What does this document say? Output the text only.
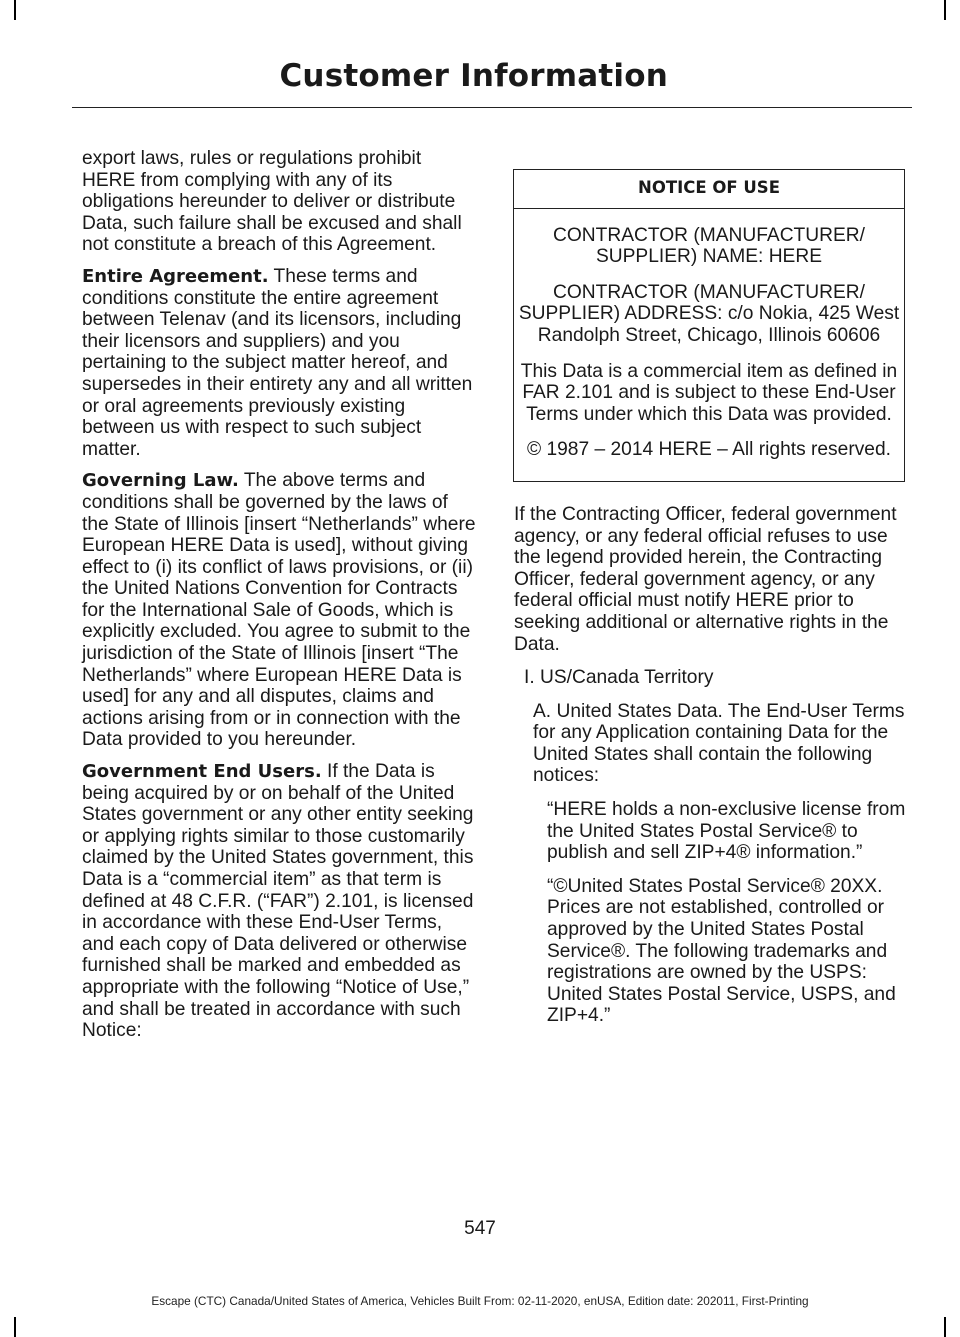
Customer Information

export laws, rules or regulations prohibit HERE from complying with any of its obligations hereunder to deliver or distribute Data, such failure shall be excused and shall not constitute a breach of this Agreement.

Entire Agreement. These terms and conditions constitute the entire agreement between Telenav (and its licensors, including their licensors and suppliers) and you pertaining to the subject matter hereof, and supersedes in their entirety any and all written or oral agreements previously existing between us with respect to such subject matter.

Governing Law. The above terms and conditions shall be governed by the laws of the State of Illinois [insert “Netherlands” where European HERE Data is used], without giving effect to (i) its conflict of laws provisions, or (ii) the United Nations Convention for Contracts for the International Sale of Goods, which is explicitly excluded. You agree to submit to the jurisdiction of the State of Illinois [insert “The Netherlands” where European HERE Data is used] for any and all disputes, claims and actions arising from or in connection with the Data provided to you hereunder.

Government End Users. If the Data is being acquired by or on behalf of the United States government or any other entity seeking or applying rights similar to those customarily claimed by the United States government, this Data is a “commercial item” as that term is defined at 48 C.F.R. (“FAR”) 2.101, is licensed in accordance with these End-User Terms, and each copy of Data delivered or otherwise furnished shall be marked and embedded as appropriate with the following “Notice of Use,” and shall be treated in accordance with such Notice:

NOTICE OF USE

CONTRACTOR (MANUFACTURER/ SUPPLIER) NAME: HERE

CONTRACTOR (MANUFACTURER/ SUPPLIER) ADDRESS: c/o Nokia, 425 West Randolph Street, Chicago, Illinois 60606

This Data is a commercial item as defined in FAR 2.101 and is subject to these End-User Terms under which this Data was provided.

© 1987 – 2014 HERE – All rights reserved.

If the Contracting Officer, federal government agency, or any federal official refuses to use the legend provided herein, the Contracting Officer, federal government agency, or any federal official must notify HERE prior to seeking additional or alternative rights in the Data.

I. US/Canada Territory

A. United States Data. The End-User Terms for any Application containing Data for the United States shall contain the following notices:

“HERE holds a non-exclusive license from the United States Postal Service® to publish and sell ZIP+4® information.”

“©United States Postal Service® 20XX. Prices are not established, controlled or approved by the United States Postal Service®. The following trademarks and registrations are owned by the USPS: United States Postal Service, USPS, and ZIP+4.”

547
Escape (CTC) Canada/United States of America, Vehicles Built From: 02-11-2020, enUSA, Edition date: 202011, First-Printing
